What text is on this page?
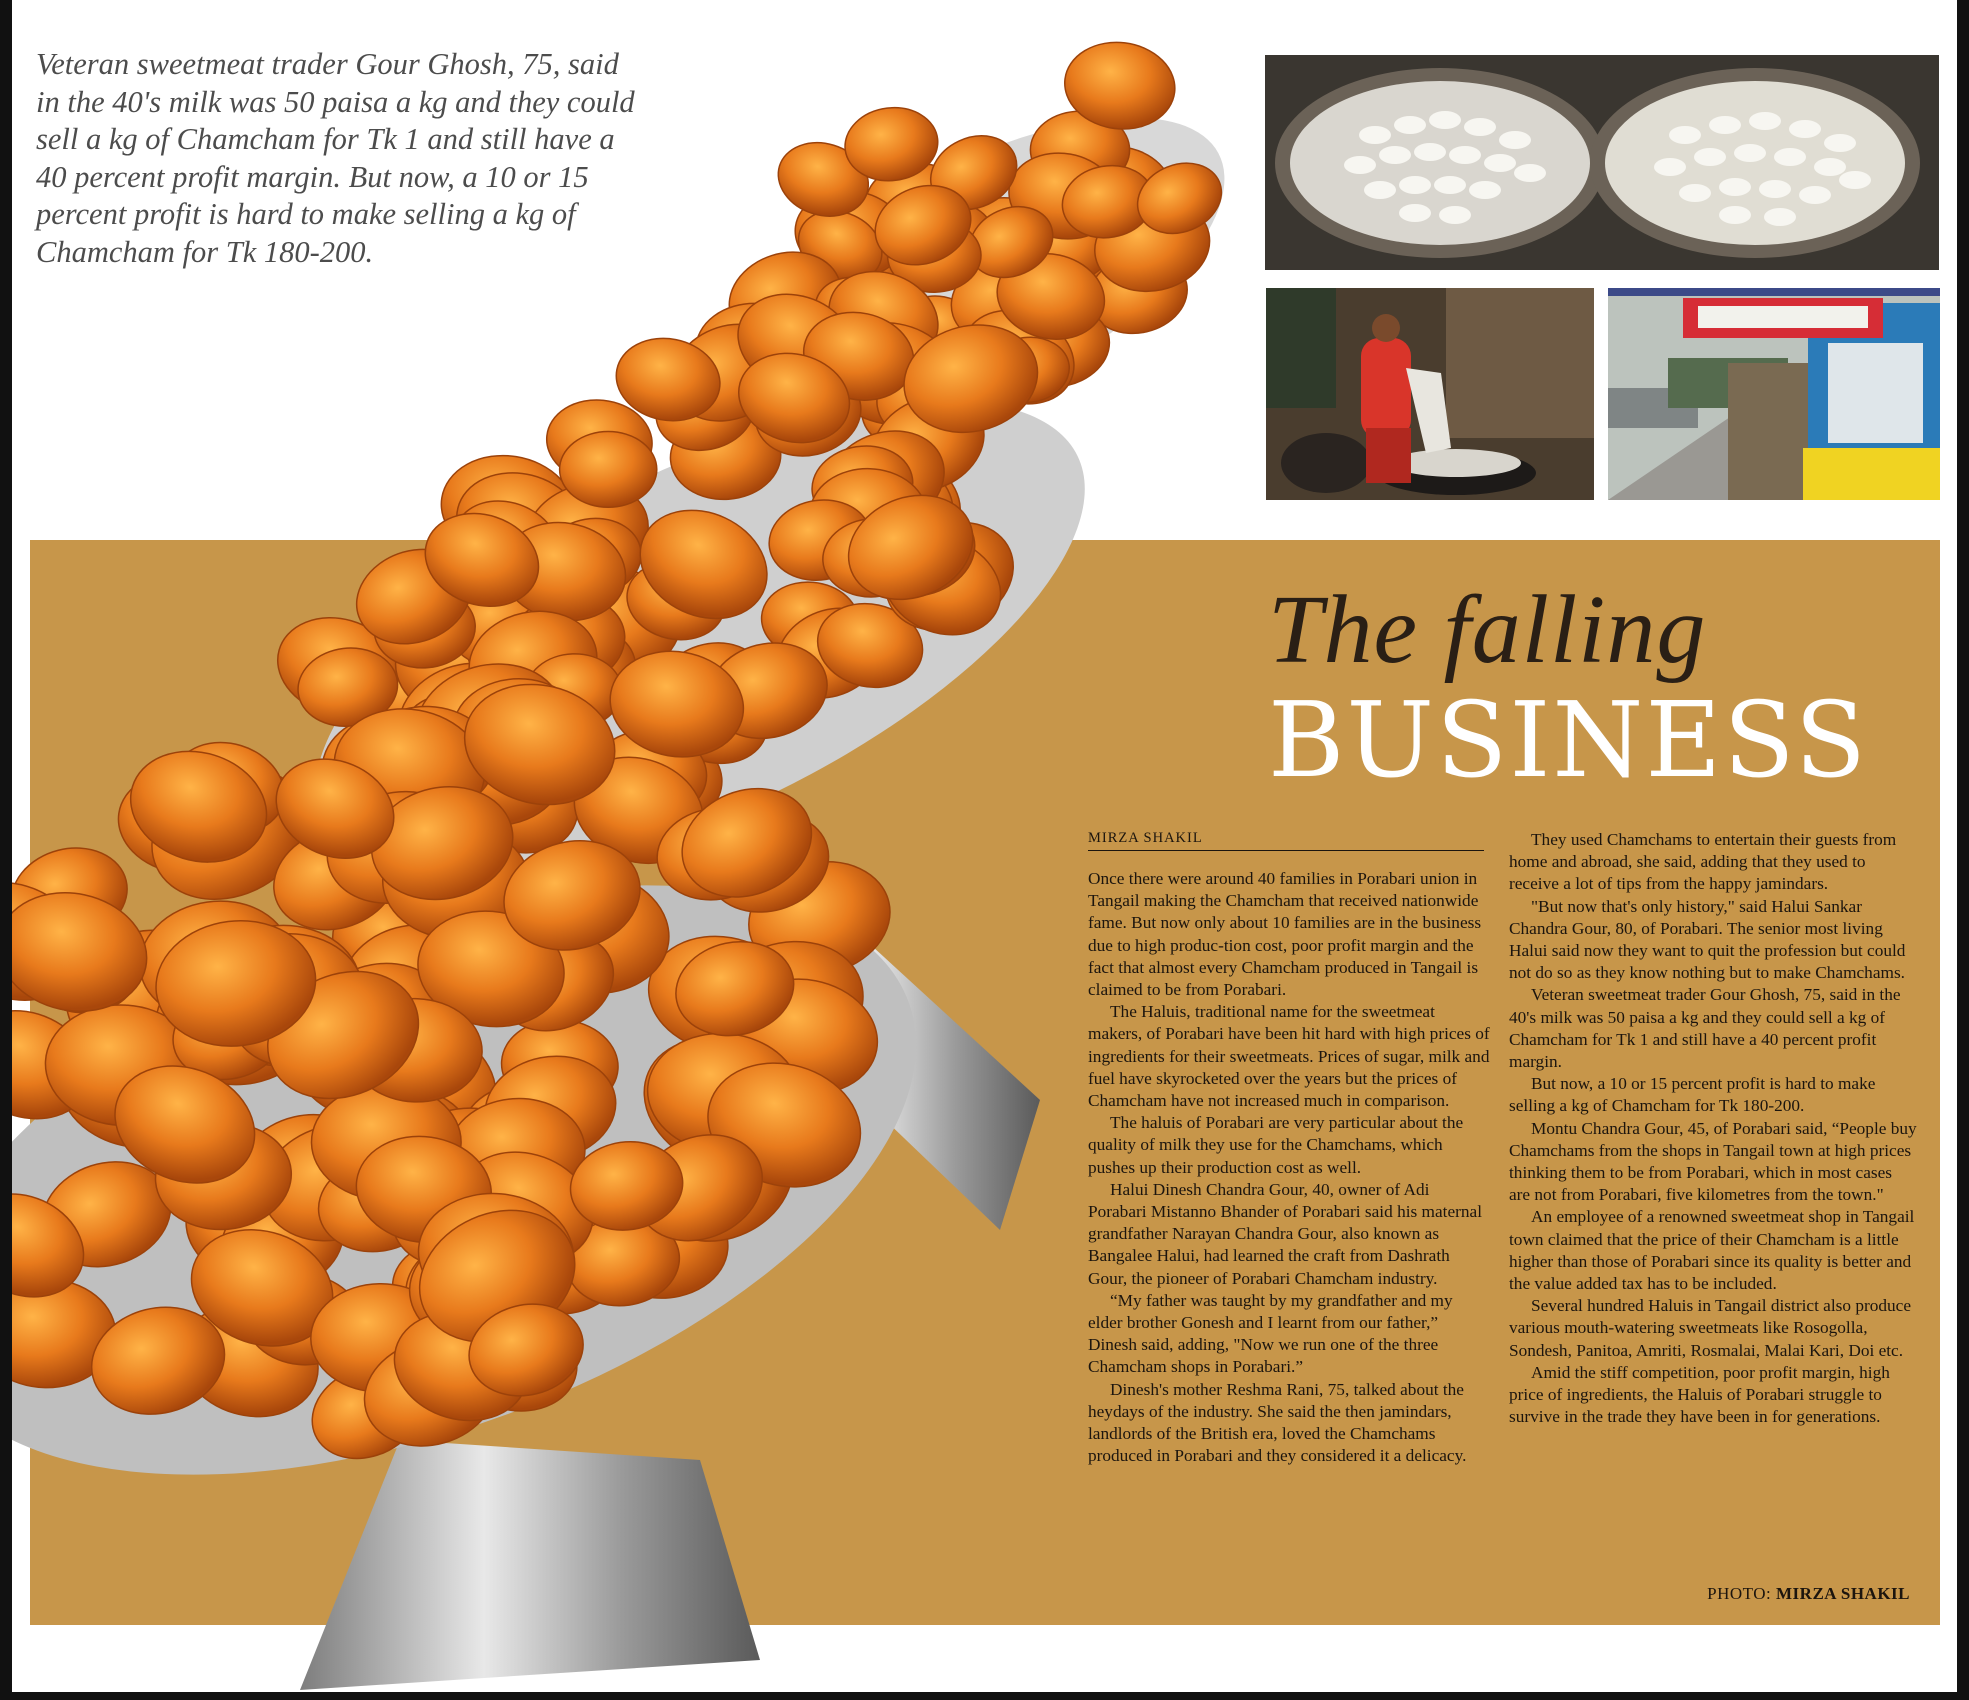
Veteran sweetmeat trader Gour Ghosh, 75, said in the 40's milk was 50 paisa a kg and they could sell a kg of Chamcham for Tk 1 and still have a 40 percent profit margin. But now, a 10 or 15 percent profit is hard to make selling a kg of Chamcham for Tk 180-200.

The falling
BUSINESS
MIRZA SHAKIL

Once there were around 40 families in Porabari union in Tangail making the Chamcham that received nationwide fame. But now only about 10 families are in the business due to high produc-tion cost, poor profit margin and the fact that almost every Chamcham produced in Tangail is claimed to be from Porabari.

The Haluis, traditional name for the sweetmeat makers, of Porabari have been hit hard with high prices of ingredients for their sweetmeats. Prices of sugar, milk and fuel have skyrocketed over the years but the prices of Chamcham have not increased much in comparison.

The haluis of Porabari are very particular about the quality of milk they use for the Chamchams, which pushes up their production cost as well.

Halui Dinesh Chandra Gour, 40, owner of Adi Porabari Mistanno Bhander of Porabari said his maternal grandfather Narayan Chandra Gour, also known as Bangalee Halui, had learned the craft from Dashrath Gour, the pioneer of Porabari Chamcham industry.

“My father was taught by my grandfather and my elder brother Gonesh and I learnt from our father,” Dinesh said, adding, "Now we run one of the three Chamcham shops in Porabari.”

Dinesh's mother Reshma Rani, 75, talked about the heydays of the industry. She said the then jamindars, landlords of the British era, loved the Chamchams produced in Porabari and they considered it a delicacy.

They used Chamchams to entertain their guests from home and abroad, she said, adding that they used to receive a lot of tips from the happy jamindars.

"But now that's only history," said Halui Sankar Chandra Gour, 80, of Porabari. The senior most living Halui said now they want to quit the profession but could not do so as they know nothing but to make Chamchams.

Veteran sweetmeat trader Gour Ghosh, 75, said in the 40's milk was 50 paisa a kg and they could sell a kg of Chamcham for Tk 1 and still have a 40 percent profit margin.

But now, a 10 or 15 percent profit is hard to make selling a kg of Chamcham for Tk 180-200.

Montu Chandra Gour, 45, of Porabari said, “People buy Chamchams from the shops in Tangail town at high prices thinking them to be from Porabari, which in most cases are not from Porabari, five kilometres from the town."

An employee of a renowned sweetmeat shop in Tangail town claimed that the price of their Chamcham is a little higher than those of Porabari since its quality is better and the value added tax has to be included.

Several hundred Haluis in Tangail district also produce various mouth-watering sweetmeats like Rosogolla, Sondesh, Panitoa, Amriti, Rosmalai, Malai Kari, Doi etc.

Amid the stiff competition, poor profit margin, high price of ingredients, the Haluis of Porabari struggle to survive in the trade they have been in for generations.

PHOTO: MIRZA SHAKIL
